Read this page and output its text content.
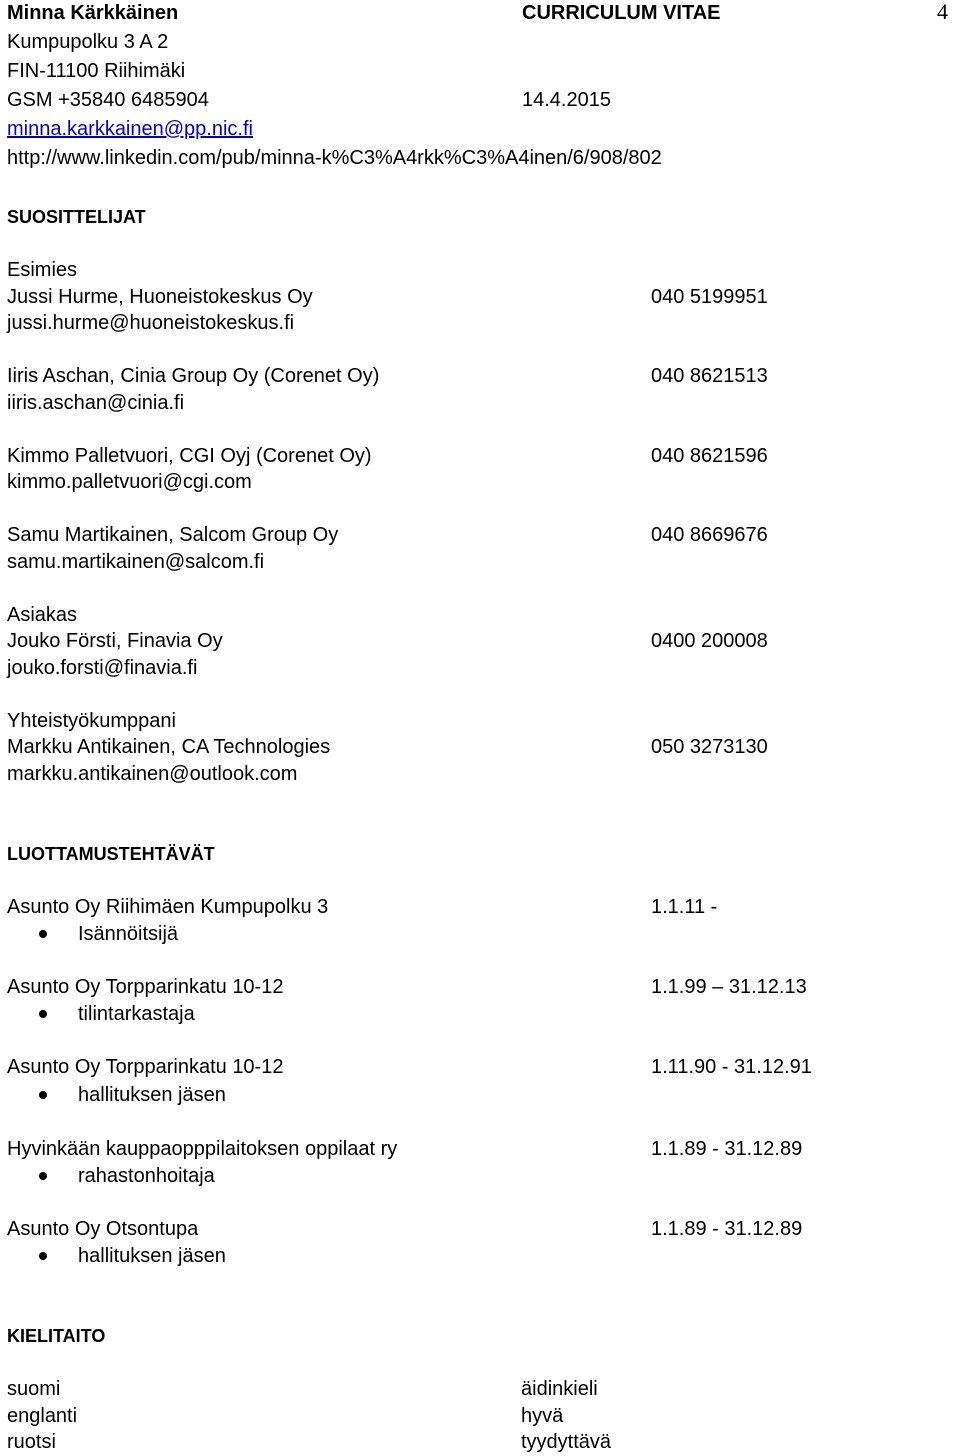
Minna Kärkkäinen	CURRICULUM VITAE	4
Kumpupolku 3 A 2
FIN-11100 Riihimäki
GSM +35840 6485904	14.4.2015
minna.karkkainen@pp.nic.fi
http://www.linkedin.com/pub/minna-k%C3%A4rkk%C3%A4inen/6/908/802
SUOSITTELIJAT
Esimies
Jussi Hurme, Huoneistokeskus Oy	040 5199951
jussi.hurme@huoneistokeskus.fi
Iiris Aschan, Cinia Group Oy (Corenet Oy)	040 8621513
iiris.aschan@cinia.fi
Kimmo Palletvuori, CGI Oyj (Corenet Oy)	040 8621596
kimmo.palletvuori@cgi.com
Samu Martikainen, Salcom Group Oy	040 8669676
samu.martikainen@salcom.fi
Asiakas
Jouko Försti, Finavia Oy	0400 200008
jouko.forsti@finavia.fi
Yhteistyökumppani
Markku Antikainen, CA Technologies	050 3273130
markku.antikainen@outlook.com
LUOTTAMUSTEHTÄVÄT
Asunto Oy Riihimäen Kumpupolku 3	1.1.11 -
Isännöitsijä
Asunto Oy Torpparinkatu 10-12	1.1.99 – 31.12.13
tilintarkastaja
Asunto Oy Torpparinkatu 10-12	1.11.90 - 31.12.91
hallituksen jäsen
Hyvinkään kauppaopppilaitoksen oppilaat ry	1.1.89 - 31.12.89
rahastonhoitaja
Asunto Oy Otsontupa	1.1.89 - 31.12.89
hallituksen jäsen
KIELITAITO
suomi	äidinkieli
englanti	hyvä
ruotsi	tyydyttävä
